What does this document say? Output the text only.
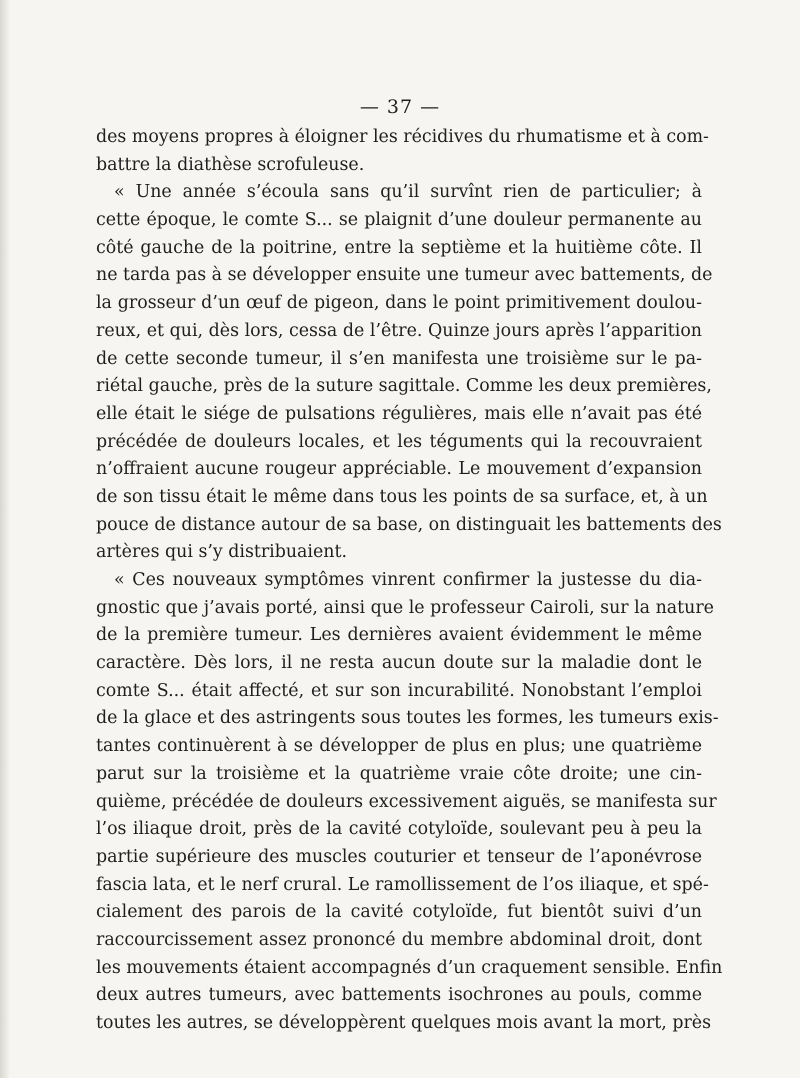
— 37 —
des moyens propres à éloigner les récidives du rhumatisme et à com-
battre la diathèse scrofuleuse.
« Une année s’écoula sans qu’il survînt rien de particulier; à
cette époque, le comte S... se plaignit d’une douleur permanente au
côté gauche de la poitrine, entre la septième et la huitième côte. Il
ne tarda pas à se développer ensuite une tumeur avec battements, de
la grosseur d’un œuf de pigeon, dans le point primitivement doulou-
reux, et qui, dès lors, cessa de l’être. Quinze jours après l’apparition
de cette seconde tumeur, il s’en manifesta une troisième sur le pa-
riétal gauche, près de la suture sagittale. Comme les deux premières,
elle était le siége de pulsations régulières, mais elle n’avait pas été
précédée de douleurs locales, et les téguments qui la recouvraient
n’offraient aucune rougeur appréciable. Le mouvement d’expansion
de son tissu était le même dans tous les points de sa surface, et, à un
pouce de distance autour de sa base, on distinguait les battements des
artères qui s’y distribuaient.
« Ces nouveaux symptômes vinrent confirmer la justesse du dia-
gnostic que j’avais porté, ainsi que le professeur Cairoli, sur la nature
de la première tumeur. Les dernières avaient évidemment le même
caractère. Dès lors, il ne resta aucun doute sur la maladie dont le
comte S... était affecté, et sur son incurabilité. Nonobstant l’emploi
de la glace et des astringents sous toutes les formes, les tumeurs exis-
tantes continuèrent à se développer de plus en plus; une quatrième
parut sur la troisième et la quatrième vraie côte droite; une cin-
quième, précédée de douleurs excessivement aiguës, se manifesta sur
l’os iliaque droit, près de la cavité cotyloïde, soulevant peu à peu la
partie supérieure des muscles couturier et tenseur de l’aponévrose
fascia lata, et le nerf crural. Le ramollissement de l’os iliaque, et spé-
cialement des parois de la cavité cotyloïde, fut bientôt suivi d’un
raccourcissement assez prononcé du membre abdominal droit, dont
les mouvements étaient accompagnés d’un craquement sensible. Enfin
deux autres tumeurs, avec battements isochrones au pouls, comme
toutes les autres, se développèrent quelques mois avant la mort, près
